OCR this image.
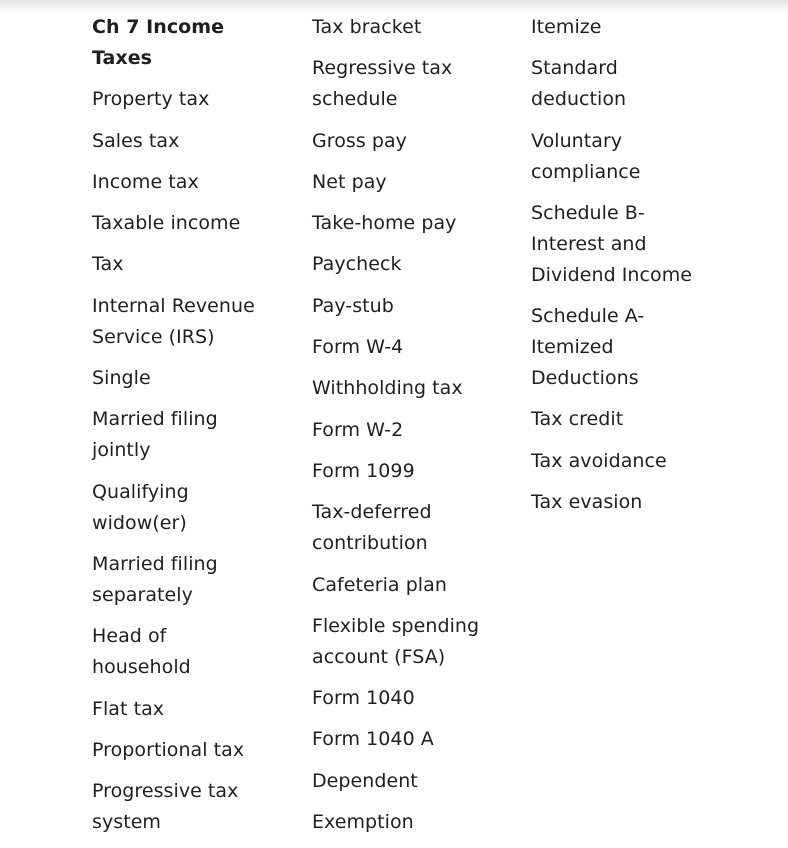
Ch 7 Income
Taxes
Property tax
Sales tax
Income tax
Taxable income
Tax
Internal Revenue
Service (IRS)
Single
Married filing
jointly
Qualifying
widow(er)
Married filing
separately
Head of
household
Flat tax
Proportional tax
Progressive tax
system
Tax bracket
Regressive tax
schedule
Gross pay
Net pay
Take-home pay
Paycheck
Pay-stub
Form W-4
Withholding tax
Form W-2
Form 1099
Tax-deferred
contribution
Cafeteria plan
Flexible spending
account (FSA)
Form 1040
Form 1040 A
Dependent
Exemption
Itemize
Standard
deduction
Voluntary
compliance
Schedule B-
Interest and
Dividend Income
Schedule A-
Itemized
Deductions
Tax credit
Tax avoidance
Tax evasion
